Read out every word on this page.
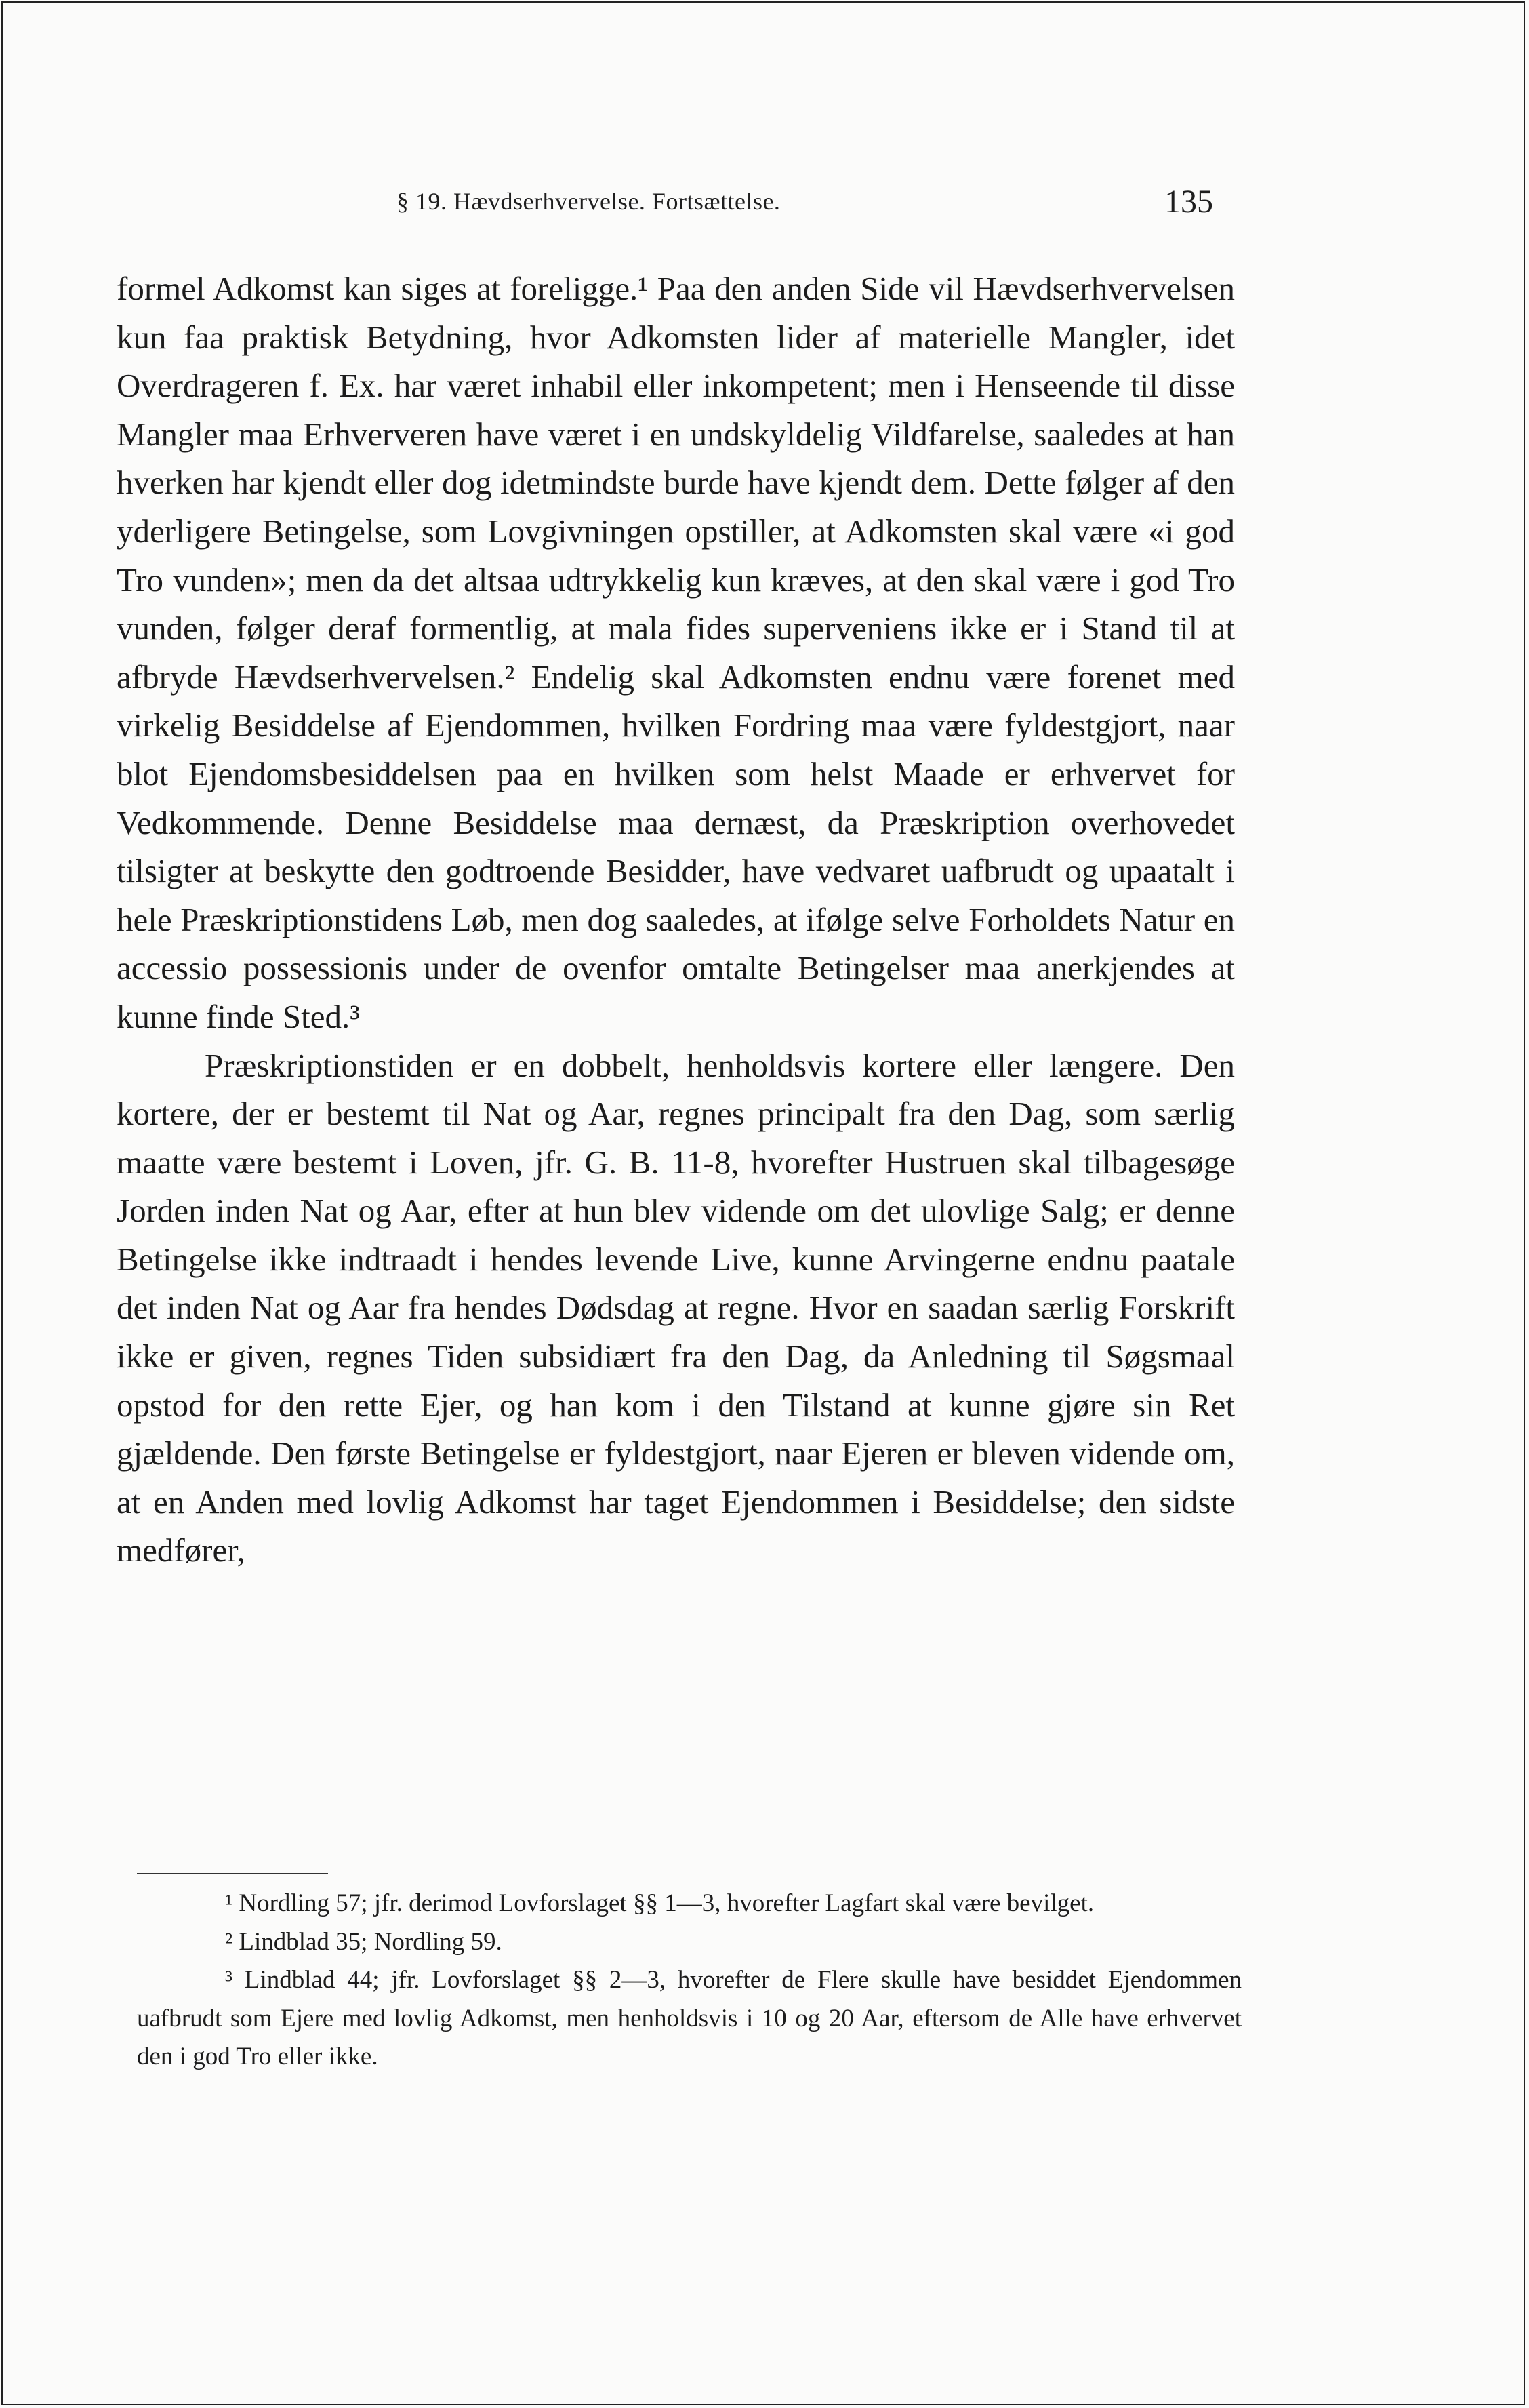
§ 19. Hævdserhvervelse. Fortsættelse.	135

formel Adkomst kan siges at foreligge.¹ Paa den anden Side vil Hævdserhvervelsen kun faa praktisk Betydning, hvor Adkomsten lider af materielle Mangler, idet Overdrageren f. Ex. har været inhabil eller inkompetent; men i Henseende til disse Mangler maa Erhververen have været i en undskyldelig Vildfarelse, saaledes at han hverken har kjendt eller dog idetmindste burde have kjendt dem. Dette følger af den yderligere Betingelse, som Lovgivningen opstiller, at Adkomsten skal være «i god Tro vunden»; men da det altsaa udtrykkelig kun kræves, at den skal være i god Tro vunden, følger deraf formentlig, at mala fides superveniens ikke er i Stand til at afbryde Hævdserhvervelsen.² Endelig skal Adkomsten endnu være forenet med virkelig Besiddelse af Ejendommen, hvilken Fordring maa være fyldestgjort, naar blot Ejendomsbesiddelsen paa en hvilken som helst Maade er erhvervet for Vedkommende. Denne Besiddelse maa dernæst, da Præskription overhovedet tilsigter at beskytte den godtroende Besidder, have vedvaret uafbrudt og upaatalt i hele Præskriptionstidens Løb, men dog saaledes, at ifølge selve Forholdets Natur en accessio possessionis under de ovenfor omtalte Betingelser maa anerkjendes at kunne finde Sted.³

Præskriptionstiden er en dobbelt, henholdsvis kortere eller længere. Den kortere, der er bestemt til Nat og Aar, regnes principalt fra den Dag, som særlig maatte være bestemt i Loven, jfr. G. B. 11-8, hvorefter Hustruen skal tilbagesøge Jorden inden Nat og Aar, efter at hun blev vidende om det ulovlige Salg; er denne Betingelse ikke indtraadt i hendes levende Live, kunne Arvingerne endnu paatale det inden Nat og Aar fra hendes Dødsdag at regne. Hvor en saadan særlig Forskrift ikke er given, regnes Tiden subsidiært fra den Dag, da Anledning til Søgsmaal opstod for den rette Ejer, og han kom i den Tilstand at kunne gjøre sin Ret gjældende. Den første Betingelse er fyldestgjort, naar Ejeren er bleven vidende om, at en Anden med lovlig Adkomst har taget Ejendommen i Besiddelse; den sidste medfører,

¹ Nordling 57; jfr. derimod Lovforslaget §§ 1—3, hvorefter Lagfart skal være bevilget.

² Lindblad 35; Nordling 59.

³ Lindblad 44; jfr. Lovforslaget §§ 2—3, hvorefter de Flere skulle have besiddet Ejendommen uafbrudt som Ejere med lovlig Adkomst, men henholdsvis i 10 og 20 Aar, eftersom de Alle have erhvervet den i god Tro eller ikke.
